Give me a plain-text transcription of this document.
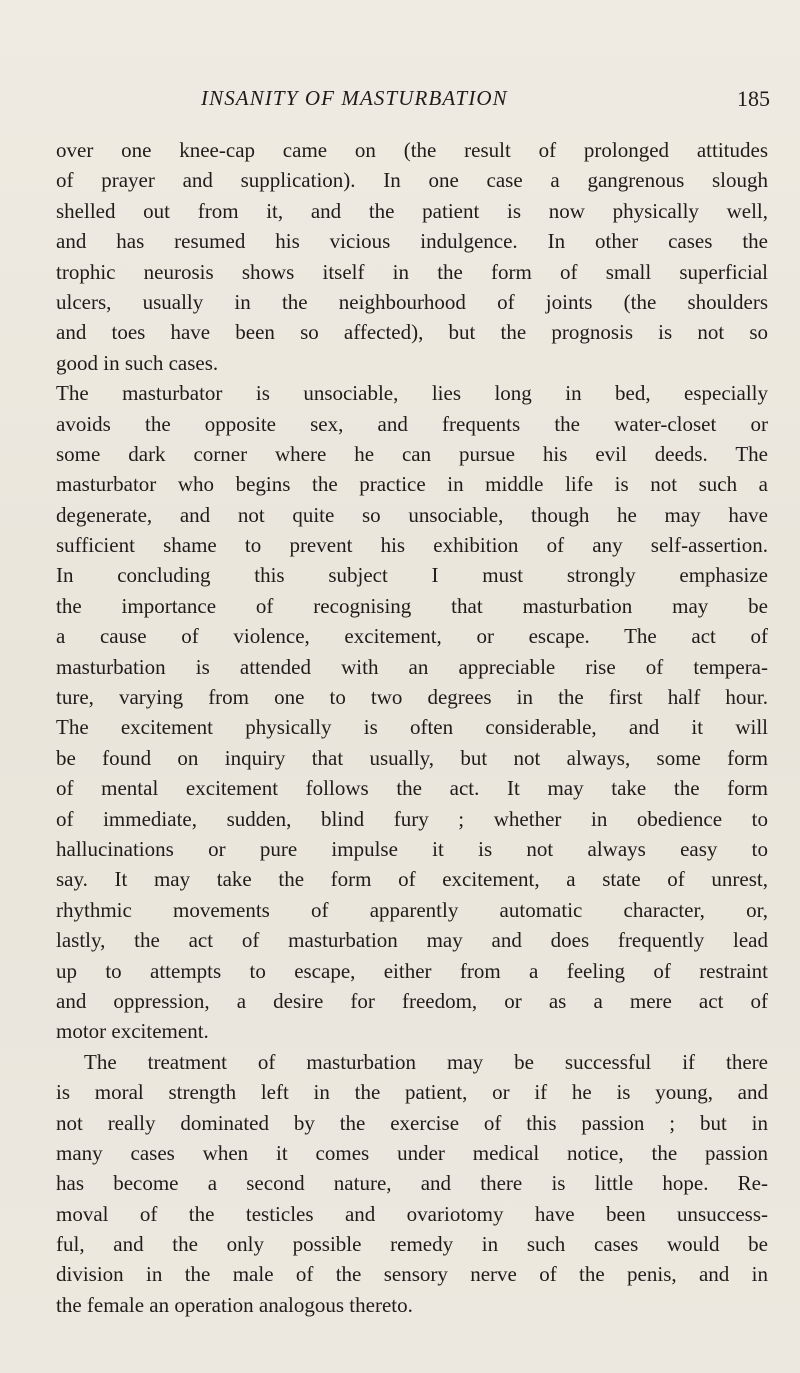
INSANITY OF MASTURBATION	185
over one knee-cap came on (the result of prolonged attitudes
of prayer and supplication). In one case a gangrenous slough
shelled out from it, and the patient is now physically well,
and has resumed his vicious indulgence. In other cases the
trophic neurosis shows itself in the form of small superficial
ulcers, usually in the neighbourhood of joints (the shoulders
and toes have been so affected), but the prognosis is not so
good in such cases.
The masturbator is unsociable, lies long in bed, especially
avoids the opposite sex, and frequents the water-closet or
some dark corner where he can pursue his evil deeds. The
masturbator who begins the practice in middle life is not such a
degenerate, and not quite so unsociable, though he may have
sufficient shame to prevent his exhibition of any self-assertion.
In concluding this subject I must strongly emphasize
the importance of recognising that masturbation may be
a cause of violence, excitement, or escape. The act of
masturbation is attended with an appreciable rise of tempera-
ture, varying from one to two degrees in the first half hour.
The excitement physically is often considerable, and it will
be found on inquiry that usually, but not always, some form
of mental excitement follows the act. It may take the form
of immediate, sudden, blind fury ; whether in obedience to
hallucinations or pure impulse it is not always easy to
say. It may take the form of excitement, a state of unrest,
rhythmic movements of apparently automatic character, or,
lastly, the act of masturbation may and does frequently lead
up to attempts to escape, either from a feeling of restraint
and oppression, a desire for freedom, or as a mere act of
motor excitement.
The treatment of masturbation may be successful if there
is moral strength left in the patient, or if he is young, and
not really dominated by the exercise of this passion ; but in
many cases when it comes under medical notice, the passion
has become a second nature, and there is little hope. Re-
moval of the testicles and ovariotomy have been unsuccess-
ful, and the only possible remedy in such cases would be
division in the male of the sensory nerve of the penis, and in
the female an operation analogous thereto.
